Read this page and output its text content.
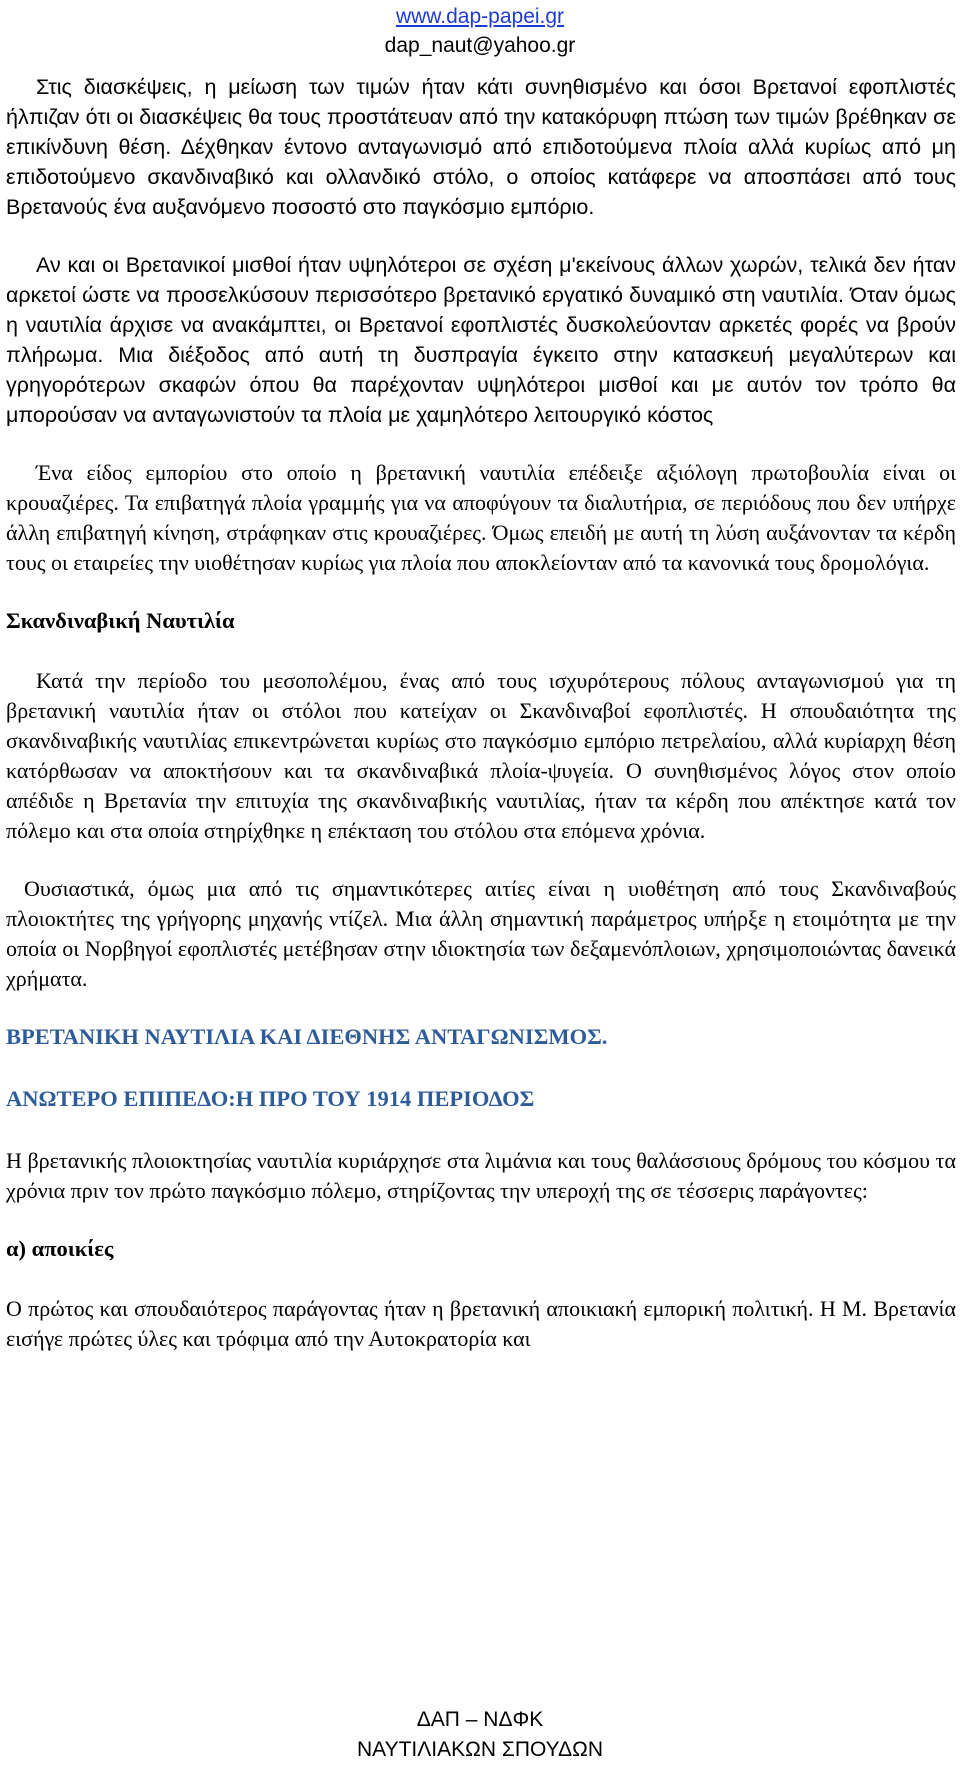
www.dap-papei.gr
dap_naut@yahoo.gr

Στις διασκέψεις, η μείωση των τιμών ήταν κάτι συνηθισμένο και όσοι Βρετανοί εφοπλιστές ήλπιζαν ότι οι διασκέψεις θα τους προστάτευαν από την κατακόρυφη πτώση των τιμών βρέθηκαν σε επικίνδυνη θέση. Δέχθηκαν έντονο ανταγωνισμό από επιδοτούμενα πλοία αλλά κυρίως από μη επιδοτούμενο σκανδιναβικό και ολλανδικό στόλο, ο οποίος κατάφερε να αποσπάσει από τους Βρετανούς ένα αυξανόμενο ποσοστό στο παγκόσμιο εμπόριο.

Αν και οι Βρετανικοί μισθοί ήταν υψηλότεροι σε σχέση μ'εκείνους άλλων χωρών, τελικά δεν ήταν αρκετοί ώστε να προσελκύσουν περισσότερο βρετανικό εργατικό δυναμικό στη ναυτιλία. Όταν όμως η ναυτιλία άρχισε να ανακάμπτει, οι Βρετανοί εφοπλιστές δυσκολεύονταν αρκετές φορές να βρούν πλήρωμα. Μια διέξοδος από αυτή τη δυσπραγία έγκειτο στην κατασκευή μεγαλύτερων και γρηγορότερων σκαφών όπου θα παρέχονταν υψηλότεροι μισθοί και με αυτόν τον τρόπο θα μπορούσαν να ανταγωνιστούν τα πλοία με χαμηλότερο λειτουργικό κόστος

Ένα είδος εμπορίου στο οποίο η βρετανική ναυτιλία επέδειξε αξιόλογη πρωτοβουλία είναι οι κρουαζιέρες. Τα επιβατηγά πλοία γραμμής για να αποφύγουν τα διαλυτήρια, σε περιόδους που δεν υπήρχε άλλη επιβατηγή κίνηση, στράφηκαν στις κρουαζιέρες. Όμως επειδή με αυτή τη λύση αυξάνονταν τα κέρδη τους οι εταιρείες την υιοθέτησαν κυρίως για πλοία που αποκλείονταν από τα κανονικά τους δρομολόγια.

Σκανδιναβική Ναυτιλία

Κατά την περίοδο του μεσοπολέμου, ένας από τους ισχυρότερους πόλους ανταγωνισμού για τη βρετανική ναυτιλία ήταν οι στόλοι που κατείχαν οι Σκανδιναβοί εφοπλιστές. Η σπουδαιότητα της σκανδιναβικής ναυτιλίας επικεντρώνεται κυρίως στο παγκόσμιο εμπόριο πετρελαίου, αλλά κυρίαρχη θέση κατόρθωσαν να αποκτήσουν και τα σκανδιναβικά πλοία-ψυγεία. Ο συνηθισμένος λόγος στον οποίο απέδιδε η Βρετανία την επιτυχία της σκανδιναβικής ναυτιλίας, ήταν τα κέρδη που απέκτησε κατά τον πόλεμο και στα οποία στηρίχθηκε η επέκταση του στόλου στα επόμενα χρόνια.

Ουσιαστικά, όμως μια από τις σημαντικότερες αιτίες είναι η υιοθέτηση από τους Σκανδιναβούς πλοιοκτήτες της γρήγορης μηχανής ντίζελ. Μια άλλη σημαντική παράμετρος υπήρξε η ετοιμότητα με την οποία οι Νορβηγοί εφοπλιστές μετέβησαν στην ιδιοκτησία των δεξαμενόπλοιων, χρησιμοποιώντας δανεικά χρήματα.

ΒΡΕΤΑΝΙΚΗ ΝΑΥΤΙΛΙΑ ΚΑΙ ΔΙΕΘΝΗΣ ΑΝΤΑΓΩΝΙΣΜΟΣ.
ΑΝΩΤΕΡΟ ΕΠΙΠΕΔΟ:Η ΠΡΟ ΤΟΥ 1914 ΠΕΡΙΟΔΟΣ

Η βρετανικής πλοιοκτησίας ναυτιλία κυριάρχησε στα λιμάνια και τους θαλάσσιους δρόμους του κόσμου τα χρόνια πριν τον πρώτο παγκόσμιο πόλεμο, στηρίζοντας την υπεροχή της σε τέσσερις παράγοντες:

α) αποικίες

Ο πρώτος και σπουδαιότερος παράγοντας ήταν η βρετανική αποικιακή εμπορική πολιτική. Η Μ. Βρετανία εισήγε πρώτες ύλες και τρόφιμα από την Αυτοκρατορία και

ΔΑΠ – ΝΔΦΚ
ΝΑΥΤΙΛΙΑΚΩΝ ΣΠΟΥΔΩΝ
